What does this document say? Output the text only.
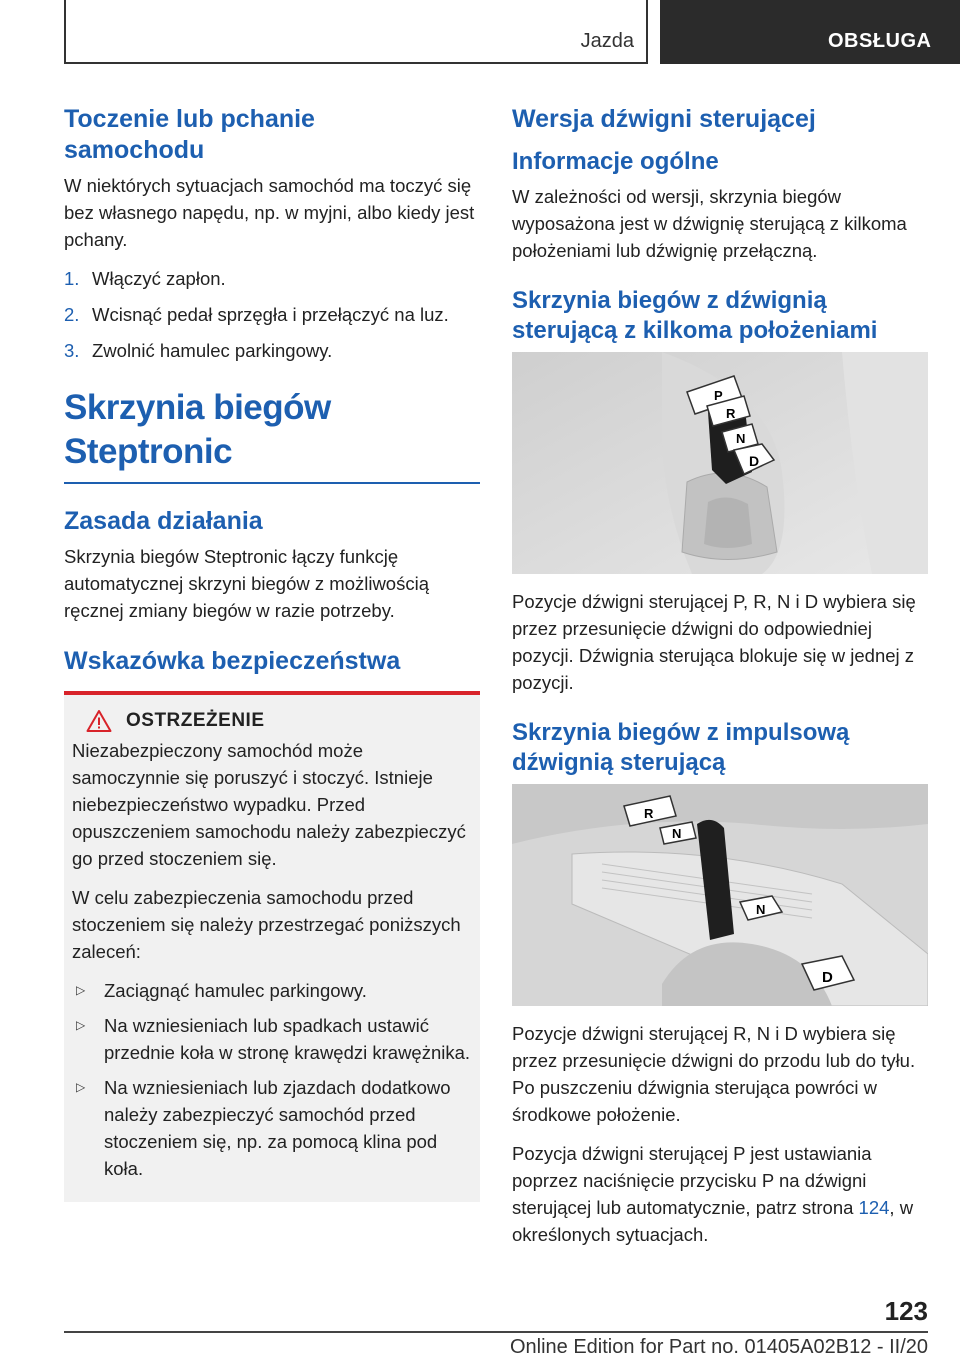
Jazda	OBSŁUGA
Toczenie lub pchanie samochodu

W niektórych sytuacjach samochód ma toczyć się bez własnego napędu, np. w myjni, albo kiedy jest pchany.

1. Włączyć zapłon.
2. Wcisnąć pedał sprzęgła i przełączyć na luz.
3. Zwolnić hamulec parkingowy.
Skrzynia biegów Steptronic
Zasada działania

Skrzynia biegów Steptronic łączy funkcję automatycznej skrzyni biegów z możliwością ręcznej zmiany biegów w razie potrzeby.

Wskazówka bezpieczeństwa
OSTRZEŻENIE

Niezabezpieczony samochód może samoczynnie się poruszyć i stoczyć. Istnieje niebezpieczeństwo wypadku. Przed opuszczeniem samochodu należy zabezpieczyć go przed stoczeniem się.

W celu zabezpieczenia samochodu przed stoczeniem się należy przestrzegać poniższych zaleceń:

▷	Zaciągnąć hamulec parkingowy.
▷	Na wzniesieniach lub spadkach ustawić przednie koła w stronę krawędzi krawężnika.
▷	Na wzniesieniach lub zjazdach dodatkowo należy zabezpieczyć samochód przed stoczeniem się, np. za pomocą klina pod koła.
Wersja dźwigni sterującej
Informacje ogólne

W zależności od wersji, skrzynia biegów wyposażona jest w dźwignię sterującą z kilkoma położeniami lub dźwignię przełączną.

Skrzynia biegów z dźwignią sterującą z kilkoma położeniami
P
R
N
D

Pozycje dźwigni sterującej P, R, N i D wybiera się przez przesunięcie dźwigni do odpowiedniej pozycji. Dźwignia sterująca blokuje się w jednej z pozycji.

Skrzynia biegów z impulsową dźwignią sterującą
R
N
N
D

Pozycje dźwigni sterującej R, N i D wybiera się przez przesunięcie dźwigni do przodu lub do tyłu. Po puszczeniu dźwignia sterująca powróci w środkowe położenie.

Pozycja dźwigni sterującej P jest ustawiania poprzez naciśnięcie przycisku P na dźwigni sterującej lub automatycznie, patrz strona 124, w określonych sytuacjach.

123
Online Edition for Part no. 01405A02B12 - II/20
